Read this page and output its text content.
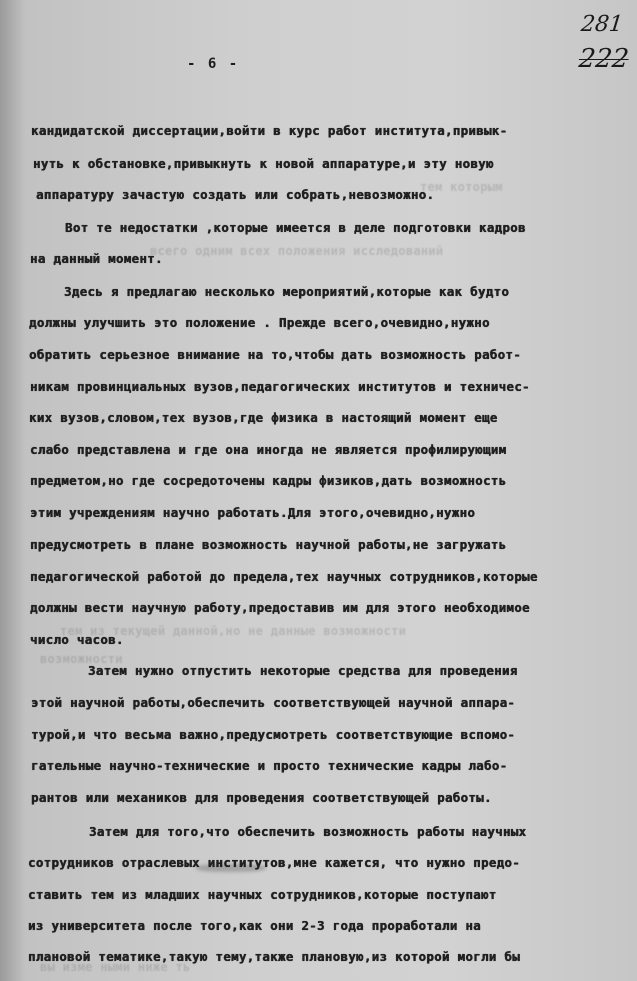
тем которым
всего одним всех положения исследований
тем из текущей данной,но не данные возможности
возможности
вы изме ными ниже ть
281
222
- 6 -
кандидатской диссертации,войти в курс работ института,привык-
нуть к обстановке,привыкнуть к новой аппаратуре,и эту новую
аппаратуру зачастую создать или собрать,невозможно.
Вот те недостатки ,которые имеется в деле подготовки кадров
на данный момент.
Здесь я предлагаю несколько мероприятий,которые как будто
должны улучшить это положение . Прежде всего,очевидно,нужно
обратить серьезное внимание на то,чтобы дать возможность работ-
никам провинциальных вузов,педагогических институтов и техничес-
ких вузов,словом,тех вузов,где физика в настоящий момент еще
слабо представлена и где она иногда не является профилирующим
предметом,но где сосредоточены кадры физиков,дать возможность
этим учреждениям научно работать.Для этого,очевидно,нужно
предусмотреть в плане возможность научной работы,не загружать
педагогической работой до предела,тех научных сотрудников,которые
должны вести научную работу,предоставив им для этого необходимое
число часов.
Затем нужно отпустить некоторые средства для проведения
этой научной работы,обеспечить соответствующей научной аппара-
турой,и что весьма важно,предусмотреть соответствующие вспомо-
гательные научно-технические и просто технические кадры лабо-
рантов или механиков для проведения соответствующей работы.
Затем для того,что обеспечить возможность работы научных
сотрудников отраслевых институтов,мне кажется, что нужно предо-
ставить тем из младших научных сотрудников,которые поступают
из университета после того,как они 2-3 года проработали на
плановой тематике,такую тему,также плановую,из которой могли бы
